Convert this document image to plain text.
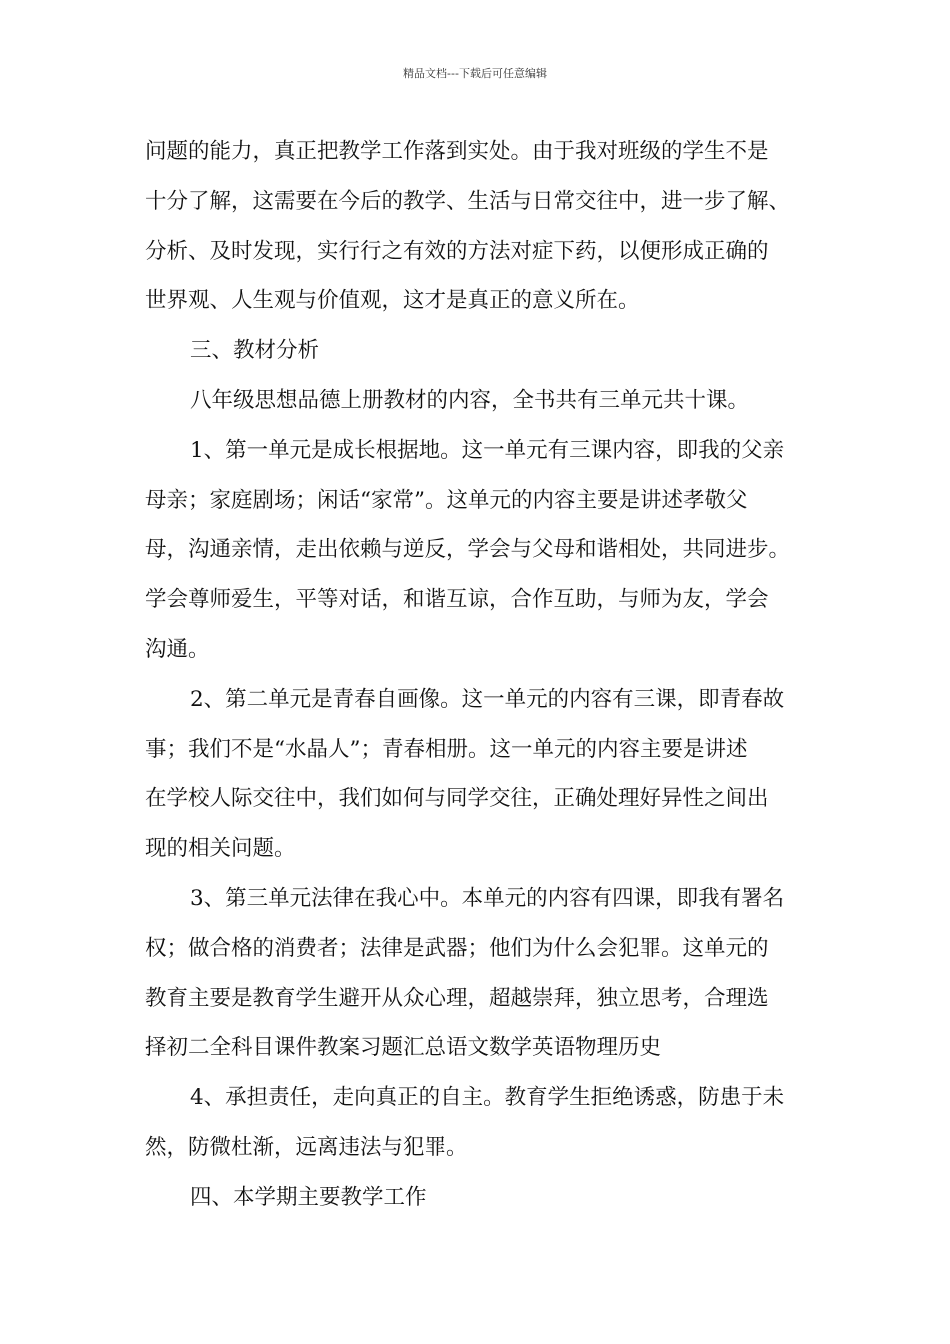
精品文档---下载后可任意编辑
问题的能力，真正把教学工作落到实处。由于我对班级的学生不是
十分了解，这需要在今后的教学、生活与日常交往中，进一步了解、
分析、及时发现，实行行之有效的方法对症下药，以便形成正确的
世界观、人生观与价值观，这才是真正的意义所在。
三、教材分析
八年级思想品德上册教材的内容，全书共有三单元共十课。
1、第一单元是成长根据地。这一单元有三课内容，即我的父亲
母亲；家庭剧场；闲话“家常”。这单元的内容主要是讲述孝敬父
母，沟通亲情，走出依赖与逆反，学会与父母和谐相处，共同进步。
学会尊师爱生，平等对话，和谐互谅，合作互助，与师为友，学会
沟通。
2、第二单元是青春自画像。这一单元的内容有三课，即青春故
事；我们不是“水晶人”；青春相册。这一单元的内容主要是讲述
在学校人际交往中，我们如何与同学交往，正确处理好异性之间出
现的相关问题。
3、第三单元法律在我心中。本单元的内容有四课，即我有署名
权；做合格的消费者；法律是武器；他们为什么会犯罪。这单元的
教育主要是教育学生避开从众心理，超越崇拜，独立思考，合理选
择初二全科目课件教案习题汇总语文数学英语物理历史
4、承担责任，走向真正的自主。教育学生拒绝诱惑，防患于未
然，防微杜渐，远离违法与犯罪。
四、本学期主要教学工作
